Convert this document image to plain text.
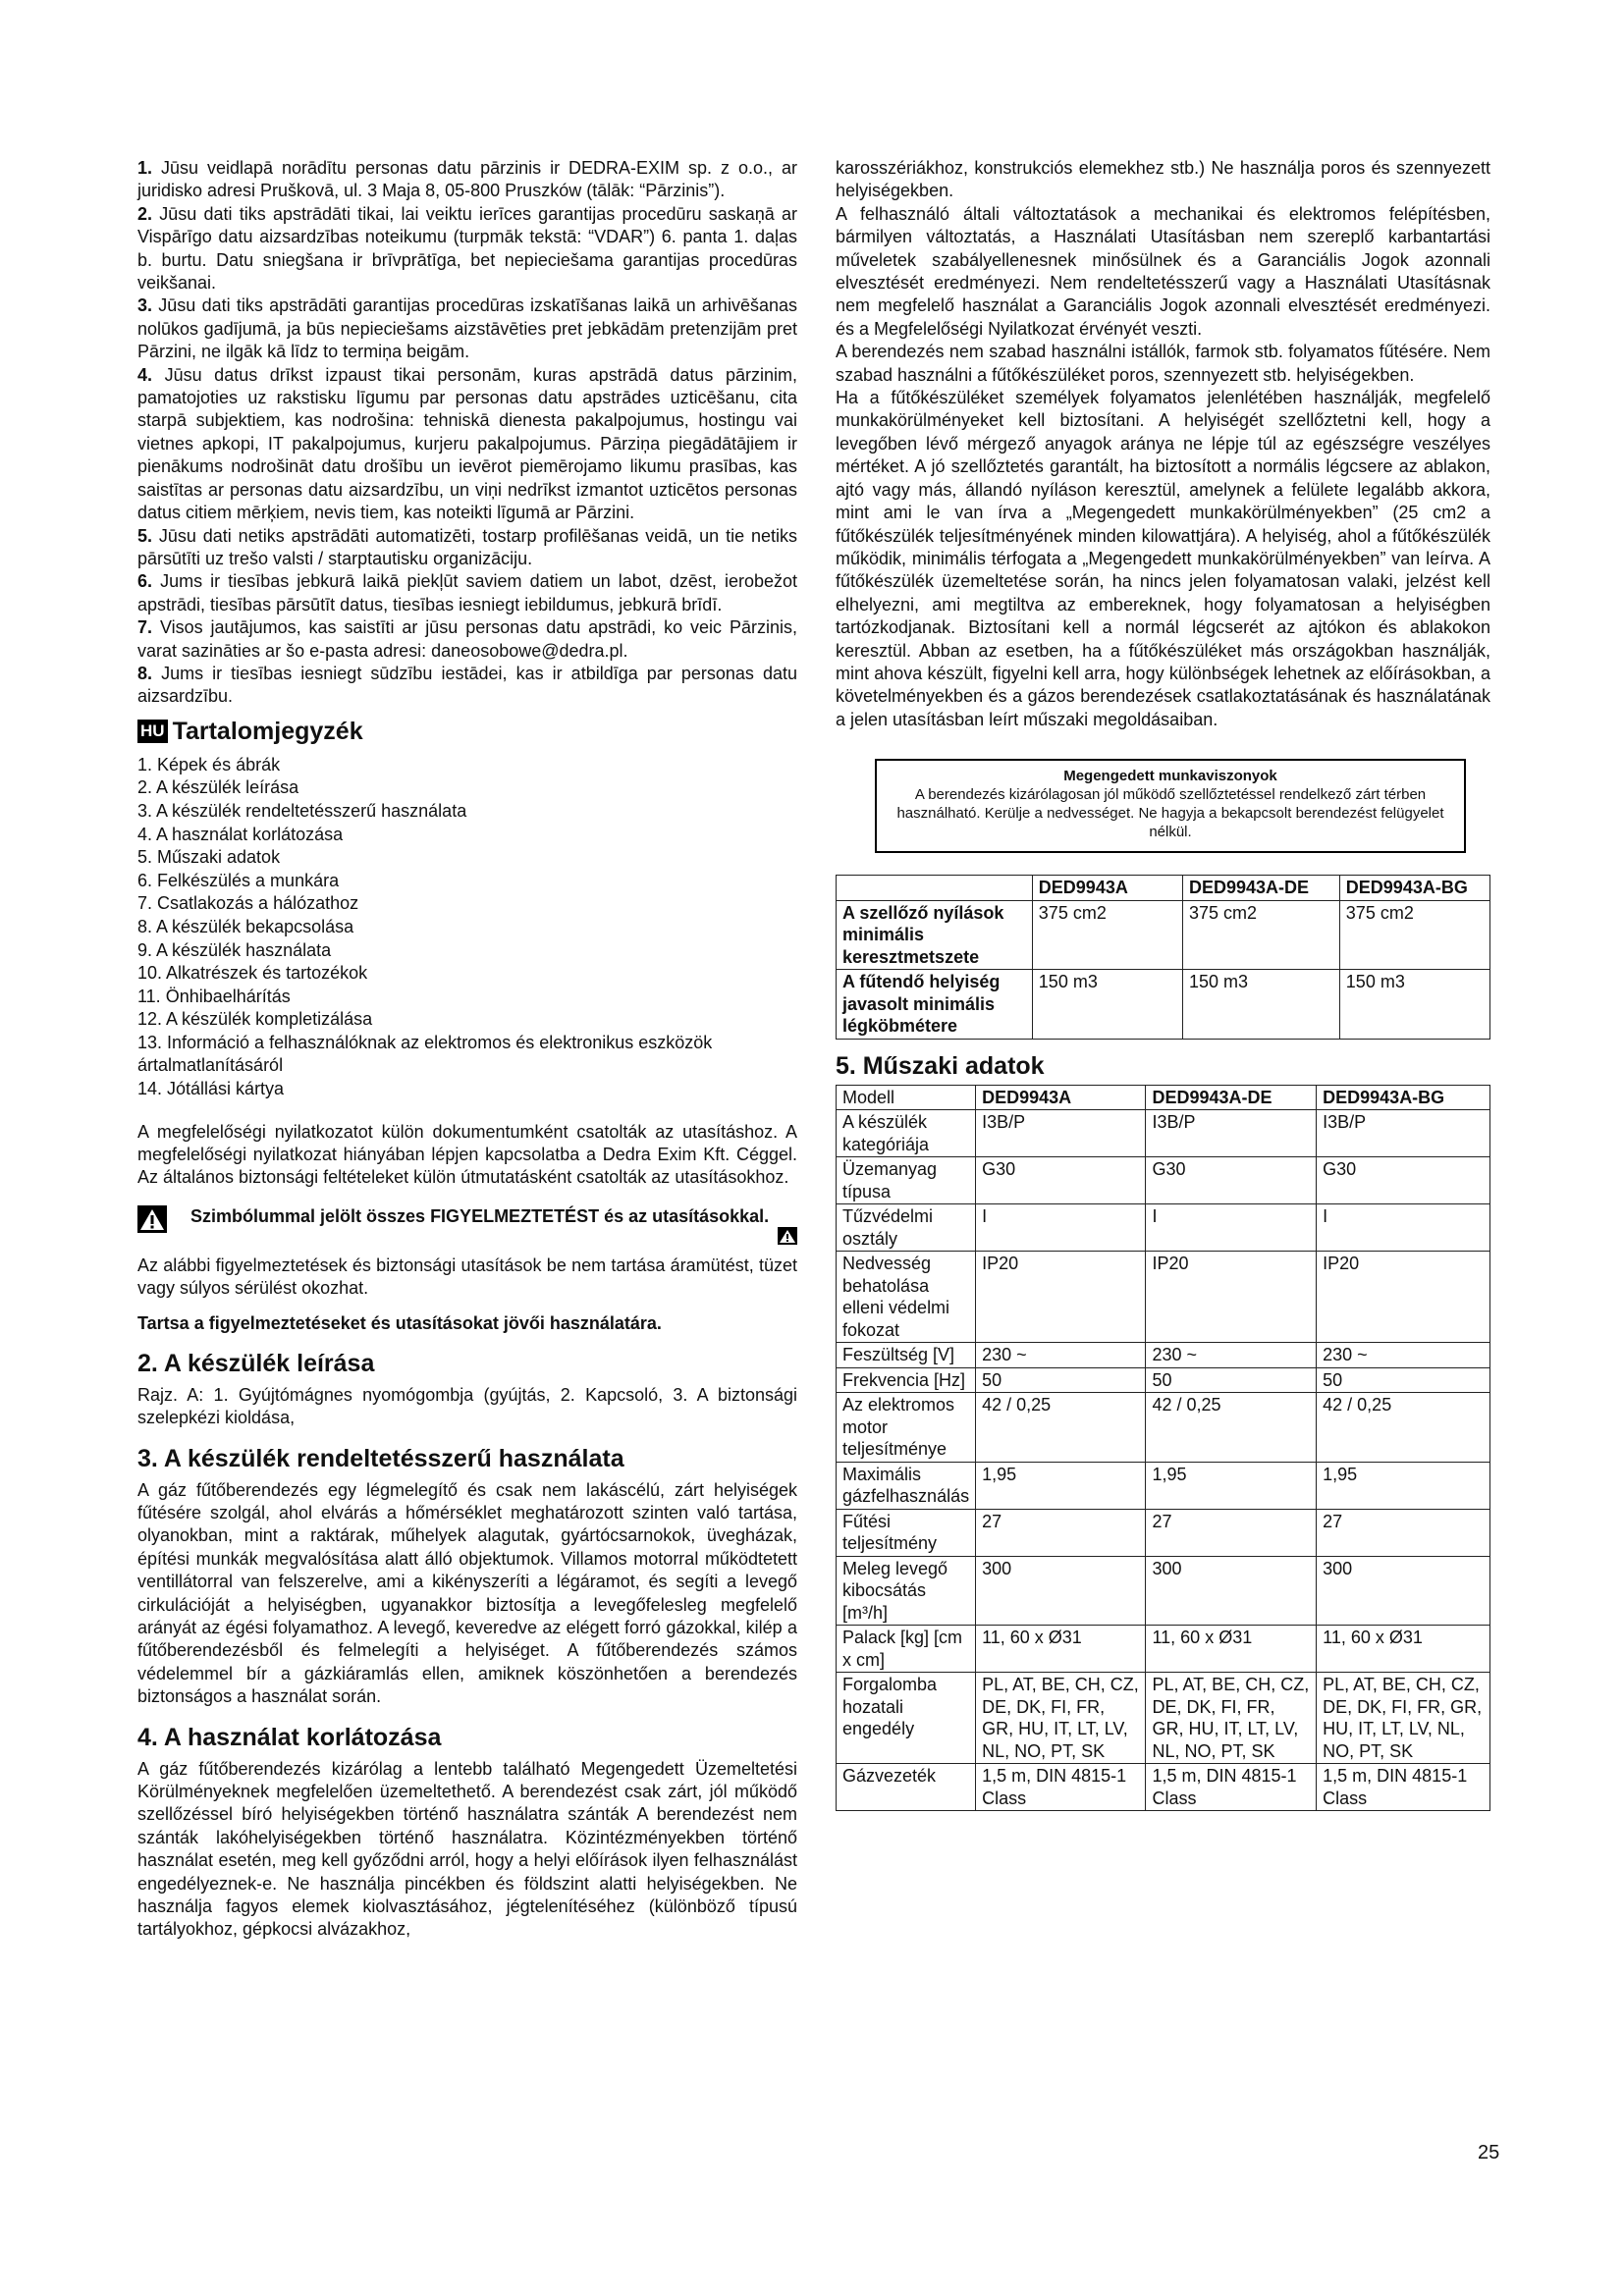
1. Jūsu veidlapā norādītu personas datu pārzinis ir DEDRA-EXIM sp. z o.o., ar juridisko adresi Pruškovā, ul. 3 Maja 8, 05-800 Pruszków (tālāk: “Pārzinis”).

2. Jūsu dati tiks apstrādāti tikai, lai veiktu ierīces garantijas procedūru saskaņā ar Vispārīgo datu aizsardzības noteikumu (turpmāk tekstā: “VDAR”) 6. panta 1. daļas b. burtu. Datu sniegšana ir brīvprātīga, bet nepieciešama garantijas procedūras veikšanai.

3. Jūsu dati tiks apstrādāti garantijas procedūras izskatīšanas laikā un arhivēšanas nolūkos gadījumā, ja būs nepieciešams aizstāvēties pret jebkādām pretenzijām pret Pārzini, ne ilgāk kā līdz to termiņa beigām.

4. Jūsu datus drīkst izpaust tikai personām, kuras apstrādā datus pārzinim, pamatojoties uz rakstisku līgumu par personas datu apstrādes uzticēšanu, cita starpā subjektiem, kas nodrošina: tehniskā dienesta pakalpojumus, hostingu vai vietnes apkopi, IT pakalpojumus, kurjeru pakalpojumus. Pārziņa piegādātājiem ir pienākums nodrošināt datu drošību un ievērot piemērojamo likumu prasības, kas saistītas ar personas datu aizsardzību, un viņi nedrīkst izmantot uzticētos personas datus citiem mērķiem, nevis tiem, kas noteikti līgumā ar Pārzini.

5. Jūsu dati netiks apstrādāti automatizēti, tostarp profilēšanas veidā, un tie netiks pārsūtīti uz trešo valsti / starptautisku organizāciju.

6. Jums ir tiesības jebkurā laikā piekļūt saviem datiem un labot, dzēst, ierobežot apstrādi, tiesības pārsūtīt datus, tiesības iesniegt iebildumus, jebkurā brīdī.

7. Visos jautājumos, kas saistīti ar jūsu personas datu apstrādi, ko veic Pārzinis, varat sazināties ar šo e-pasta adresi: daneosobowe@dedra.pl.

8. Jums ir tiesības iesniegt sūdzību iestādei, kas ir atbildīga par personas datu aizsardzību.

HU Tartalomjegyzék
1. Képek és ábrák
2. A készülék leírása
3. A készülék rendeltetésszerű használata
4. A használat korlátozása
5. Műszaki adatok
6. Felkészülés a munkára
7. Csatlakozás a hálózathoz
8. A készülék bekapcsolása
9. A készülék használata
10. Alkatrészek és tartozékok
11. Önhibaelhárítás
12. A készülék kompletizálása
13. Információ a felhasználóknak az elektromos és elektronikus eszközök ártalmatlanításáról
14. Jótállási kártya

A megfelelőségi nyilatkozatot külön dokumentumként csatolták az utasításhoz. A megfelelőségi nyilatkozat hiányában lépjen kapcsolatba a Dedra Exim Kft. Céggel. Az általános biztonsági feltételeket külön útmutatásként csatolták az utasításokhoz.

Szimbólummal jelölt összes FIGYELMEZTETÉST és az utasításokkal.

Az alábbi figyelmeztetések és biztonsági utasítások be nem tartása áramütést, tüzet vagy súlyos sérülést okozhat.

Tartsa a figyelmeztetéseket és utasításokat jövői használatára.
2. A készülék leírása

Rajz. A: 1. Gyújtómágnes nyomógombja (gyújtás, 2. Kapcsoló, 3. A biztonsági szelepkézi kioldása,

3. A készülék rendeltetésszerű használata

A gáz fűtőberendezés egy légmelegítő és csak nem lakáscélú, zárt helyiségek fűtésére szolgál, ahol elvárás a hőmérséklet meghatározott szinten való tartása, olyanokban, mint a raktárak, műhelyek alagutak, gyártócsarnokok, üvegházak, építési munkák megvalósítása alatt álló objektumok. Villamos motorral működtetett ventillátorral van felszerelve, ami a kikényszeríti a légáramot, és segíti a levegő cirkulációját a helyiségben, ugyanakkor biztosítja a levegőfelesleg megfelelő arányát az égési folyamathoz. A levegő, keveredve az elégett forró gázokkal, kilép a fűtőberendezésből és felmelegíti a helyiséget. A fűtőberendezés számos védelemmel bír a gázkiáramlás ellen, amiknek köszönhetően a berendezés biztonságos a használat során.

4. A használat korlátozása

A gáz fűtőberendezés kizárólag a lentebb található Megengedett Üzemeltetési Körülményeknek megfelelően üzemeltethető. A berendezést csak zárt, jól működő szellőzéssel bíró helyiségekben történő használatra szánták A berendezést nem szánták lakóhelyiségekben történő használatra. Közintézményekben történő használat esetén, meg kell győződni arról, hogy a helyi előírások ilyen felhasználást engedélyeznek-e. Ne használja pincékben és földszint alatti helyiségekben. Ne használja fagyos elemek kiolvasztásához, jégtelenítéséhez (különböző típusú tartályokhoz, gépkocsi alvázakhoz,

karosszériákhoz, konstrukciós elemekhez stb.) Ne használja poros és szennyezett helyiségekben.

A felhasználó általi változtatások a mechanikai és elektromos felépítésben, bármilyen változtatás, a Használati Utasításban nem szereplő karbantartási műveletek szabályellenesnek minősülnek és a Garanciális Jogok azonnali elvesztését eredményezi. Nem rendeltetésszerű vagy a Használati Utasításnak nem megfelelő használat a Garanciális Jogok azonnali elvesztését eredményezi. és a Megfelelőségi Nyilatkozat érvényét veszti.

A berendezés nem szabad használni istállók, farmok stb. folyamatos fűtésére. Nem szabad használni a fűtőkészüléket poros, szennyezett stb. helyiségekben.

Ha a fűtőkészüléket személyek folyamatos jelenlétében használják, megfelelő munkakörülményeket kell biztosítani. A helyiségét szellőztetni kell, hogy a levegőben lévő mérgező anyagok aránya ne lépje túl az egészségre veszélyes mértéket. A jó szellőztetés garantált, ha biztosított a normális légcsere az ablakon, ajtó vagy más, állandó nyíláson keresztül, amelynek a felülete legalább akkora, mint ami le van írva a „Megengedett munkakörülményekben” (25 cm2 a fűtőkészülék teljesítményének minden kilowattjára). A helyiség, ahol a fűtőkészülék működik, minimális térfogata a „Megengedett munkakörülményekben” van leírva. A fűtőkészülék üzemeltetése során, ha nincs jelen folyamatosan valaki, jelzést kell elhelyezni, ami megtiltva az embereknek, hogy folyamatosan a helyiségben tartózkodjanak. Biztosítani kell a normál légcserét az ajtókon és ablakokon keresztül. Abban az esetben, ha a fűtőkészüléket más országokban használják, mint ahova készült, figyelni kell arra, hogy különbségek lehetnek az előírásokban, a követelményekben és a gázos berendezések csatlakoztatásának és használatának a jelen utasításban leírt műszaki megoldásaiban.

Megengedett munkaviszonyok
A berendezés kizárólagosan jól működő szellőztetéssel rendelkező zárt térben használható. Kerülje a nedvességet. Ne hagyja a bekapcsolt berendezést felügyelet nélkül.
	DED9943A	DED9943A-DE	DED9943A-BG
A szellőző nyílások minimális keresztmetszete	375 cm2	375 cm2	375 cm2
A fűtendő helyiség javasolt minimális légköbmétere	150 m3	150 m3	150 m3
5. Műszaki adatok
Modell	DED9943A	DED9943A-DE	DED9943A-BG
A készülék kategóriája	I3B/P	I3B/P	I3B/P
Üzemanyag típusa	G30	G30	G30
Tűzvédelmi osztály	I	I	I
Nedvesség behatolása elleni védelmi fokozat	IP20	IP20	IP20
Feszültség [V]	230 ~	230 ~	230 ~
Frekvencia [Hz]	50	50	50
Az elektromos motor teljesítménye	42 / 0,25	42 / 0,25	42 / 0,25
Maximális gázfelhasználás	1,95	1,95	1,95
Fűtési teljesítmény	27	27	27
Meleg levegő kibocsátás [m³/h]	300	300	300
Palack [kg] [cm x cm]	11, 60 x Ø31	11, 60 x Ø31	11, 60 x Ø31
Forgalomba hozatali engedély	PL, AT, BE, CH, CZ, DE, DK, FI, FR, GR, HU, IT, LT, LV, NL, NO, PT, SK	PL, AT, BE, CH, CZ, DE, DK, FI, FR, GR, HU, IT, LT, LV, NL, NO, PT, SK	PL, AT, BE, CH, CZ, DE, DK, FI, FR, GR, HU, IT, LT, LV, NL, NO, PT, SK
Gázvezeték	1,5 m, DIN 4815-1 Class	1,5 m, DIN 4815-1 Class	1,5 m, DIN 4815-1 Class
25
